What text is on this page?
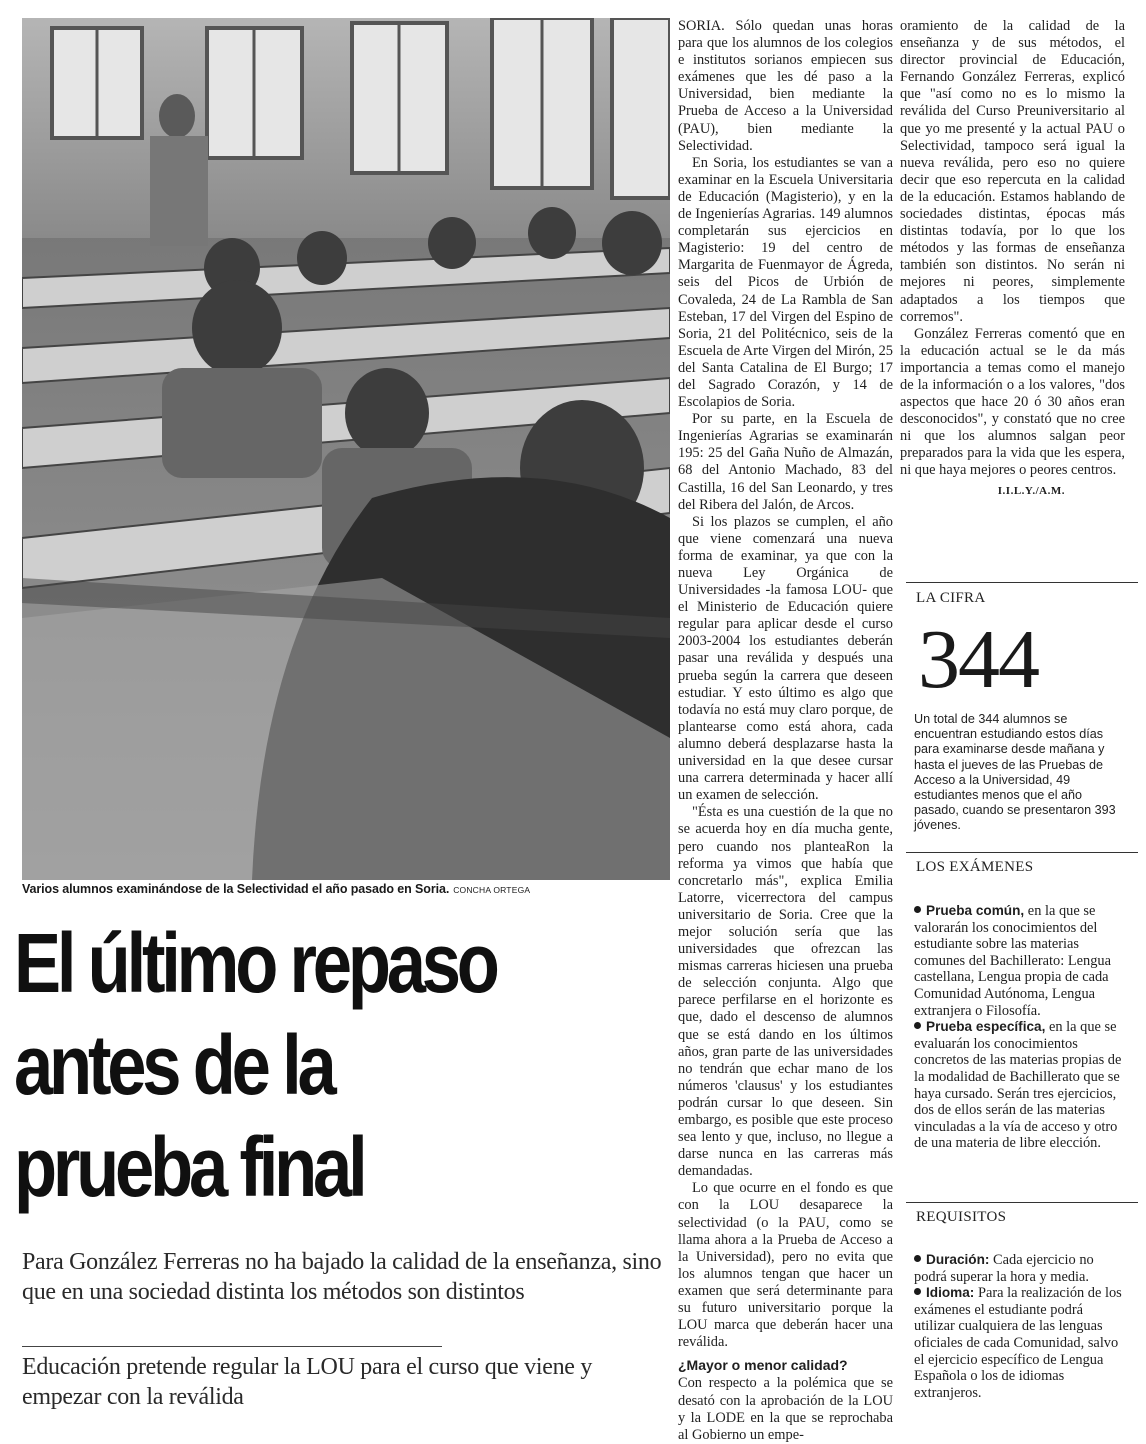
Varios alumnos examinándose de la Selectividad el año pasado en Soria. CONCHA ORTEGA
El último repaso
antes de la
prueba final
Para González Ferreras no ha bajado la calidad de la enseñanza, sino que en una sociedad distinta los métodos son distintos
Educación pretende regular la LOU para el curso que viene y empezar con la reválida

SORIA. Sólo quedan unas horas para que los alumnos de los colegios e institutos sorianos empiecen sus exámenes que les dé paso a la Universidad, bien mediante la Prueba de Acceso a la Universidad (PAU), bien mediante la Selectividad.

En Soria, los estudiantes se van a examinar en la Escuela Universitaria de Educación (Magisterio), y en la de Ingenierías Agrarias. 149 alumnos completarán sus ejercicios en Magisterio: 19 del centro de Margarita de Fuenmayor de Ágreda, seis del Picos de Urbión de Covaleda, 24 de La Rambla de San Esteban, 17 del Virgen del Espino de Soria, 21 del Politécnico, seis de la Escuela de Arte Virgen del Mirón, 25 del Santa Catalina de El Burgo; 17 del Sagrado Corazón, y 14 de Escolapios de Soria.

Por su parte, en la Escuela de Ingenierías Agrarias se examinarán 195: 25 del Gaña Nuño de Almazán, 68 del Antonio Machado, 83 del Castilla, 16 del San Leonardo, y tres del Ribera del Jalón, de Arcos.

Si los plazos se cumplen, el año que viene comenzará una nueva forma de examinar, ya que con la nueva Ley Orgánica de Universidades -la famosa LOU- que el Ministerio de Educación quiere regular para aplicar desde el curso 2003-2004 los estudiantes deberán pasar una reválida y después una prueba según la carrera que deseen estudiar. Y esto último es algo que todavía no está muy claro porque, de plantearse como está ahora, cada alumno deberá desplazarse hasta la universidad en la que desee cursar una carrera determinada y hacer allí un examen de selección.

"Ésta es una cuestión de la que no se acuerda hoy en día mucha gente, pero cuando nos planteaRon la reforma ya vimos que había que concretarlo más", explica Emilia Latorre, vicerrectora del campus universitario de Soria. Cree que la mejor solución sería que las universidades que ofrezcan las mismas carreras hiciesen una prueba de selección conjunta. Algo que parece perfilarse en el horizonte es que, dado el descenso de alumnos que se está dando en los últimos años, gran parte de las universidades no tendrán que echar mano de los números 'clausus' y los estudiantes podrán cursar lo que deseen. Sin embargo, es posible que este proceso sea lento y que, incluso, no llegue a darse nunca en las carreras más demandadas.

Lo que ocurre en el fondo es que con la LOU desaparece la selectividad (o la PAU, como se llama ahora a la Prueba de Acceso a la Universidad), pero no evita que los alumnos tengan que hacer un examen que será determinante para su futuro universitario porque la LOU marca que deberán hacer una reválida.

¿Mayor o menor calidad?

Con respecto a la polémica que se desató con la aprobación de la LOU y la LODE en la que se reprochaba al Gobierno un empe-

oramiento de la calidad de la enseñanza y de sus métodos, el director provincial de Educación, Fernando González Ferreras, explicó que "así como no es lo mismo la reválida del Curso Preuniversitario al que yo me presenté y la actual PAU o Selectividad, tampoco será igual la nueva reválida, pero eso no quiere decir que eso repercuta en la calidad de la educación. Estamos hablando de sociedades distintas, épocas más distintas todavía, por lo que los métodos y las formas de enseñanza también son distintos. No serán ni mejores ni peores, simplemente adaptados a los tiempos que corremos".

González Ferreras comentó que en la educación actual se le da más importancia a temas como el manejo de la información o a los valores, "dos aspectos que hace 20 ó 30 años eran desconocidos", y constató que no cree ni que los alumnos salgan peor preparados para la vida que les espera, ni que haya mejores o peores centros.

I.I.L.Y./A.M.
LA CIFRA
344
Un total de 344 alumnos se encuentran estudiando estos días para examinarse desde mañana y hasta el jueves de las Pruebas de Acceso a la Universidad, 49 estudiantes menos que el año pasado, cuando se presentaron 393 jóvenes.
LOS EXÁMENES
Prueba común, en la que se valorarán los conocimientos del estudiante sobre las materias comunes del Bachillerato: Lengua castellana, Lengua propia de cada Comunidad Autónoma, Lengua extranjera o Filosofía.
Prueba específica, en la que se evaluarán los conocimientos concretos de las materias propias de la modalidad de Bachillerato que se haya cursado. Serán tres ejercicios, dos de ellos serán de las materias vinculadas a la vía de acceso y otro de una materia de libre elección.
REQUISITOS
Duración: Cada ejercicio no podrá superar la hora y media.
Idioma: Para la realización de los exámenes el estudiante podrá utilizar cualquiera de las lenguas oficiales de cada Comunidad, salvo el ejercicio específico de Lengua Española o los de idiomas extranjeros.
